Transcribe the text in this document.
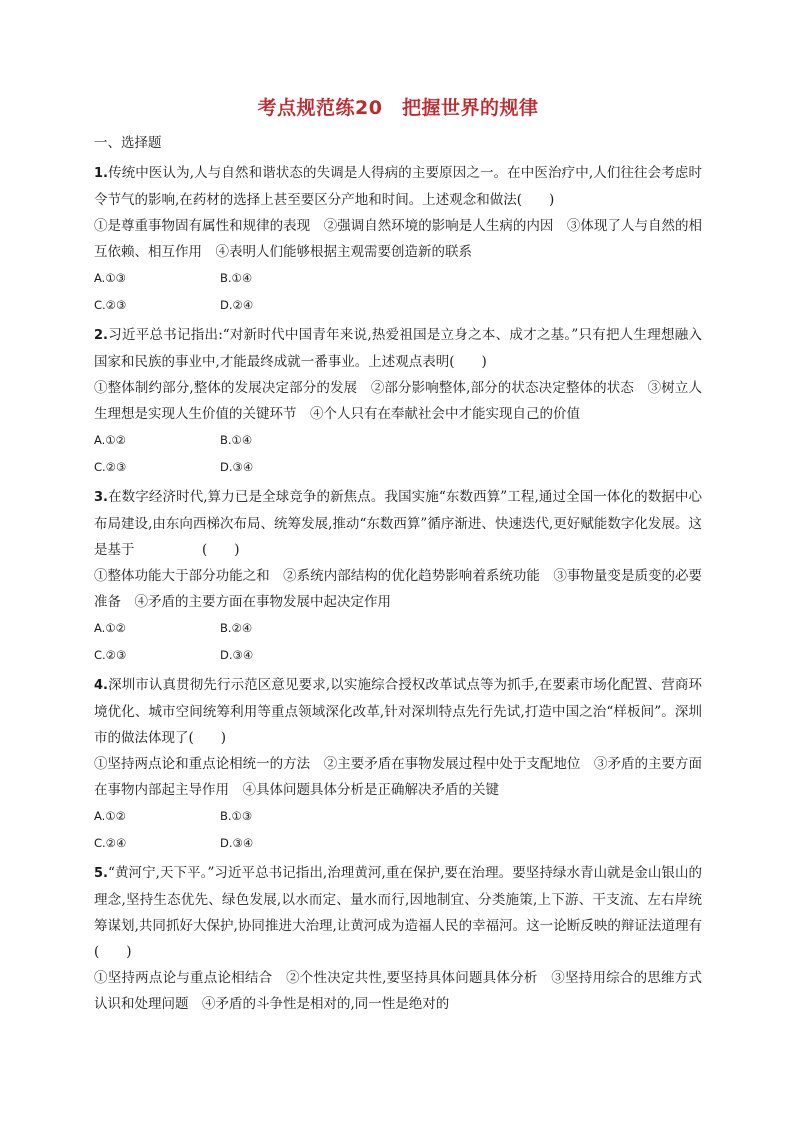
考点规范练20　把握世界的规律
一、选择题

1.传统中医认为,人与自然和谐状态的失调是人得病的主要原因之一。在中医治疗中,人们往往会考虑时令节气的影响,在药材的选择上甚至要区分产地和时间。上述观念和做法(　　)

①是尊重事物固有属性和规律的表现　②强调自然环境的影响是人生病的内因　③体现了人与自然的相互依赖、相互作用　④表明人们能够根据主观需要创造新的联系

A.①③	B.①④
C.②③	D.②④

2.习近平总书记指出:“对新时代中国青年来说,热爱祖国是立身之本、成才之基。”只有把人生理想融入国家和民族的事业中,才能最终成就一番事业。上述观点表明(　　)

①整体制约部分,整体的发展决定部分的发展　②部分影响整体,部分的状态决定整体的状态　③树立人生理想是实现人生价值的关键环节　④个人只有在奉献社会中才能实现自己的价值

A.①②	B.①④
C.②③	D.③④

3.在数字经济时代,算力已是全球竞争的新焦点。我国实施“东数西算”工程,通过全国一体化的数据中心布局建设,由东向西梯次布局、统筹发展,推动“东数西算”循序渐进、快速迭代,更好赋能数字化发展。这是基于　　　　　(　　)

①整体功能大于部分功能之和　②系统内部结构的优化趋势影响着系统功能　③事物量变是质变的必要准备　④矛盾的主要方面在事物发展中起决定作用

A.①②	B.②④
C.②③	D.③④

4.深圳市认真贯彻先行示范区意见要求,以实施综合授权改革试点等为抓手,在要素市场化配置、营商环境优化、城市空间统筹利用等重点领域深化改革,针对深圳特点先行先试,打造中国之治“样板间”。深圳市的做法体现了(　　)

①坚持两点论和重点论相统一的方法　②主要矛盾在事物发展过程中处于支配地位　③矛盾的主要方面在事物内部起主导作用　④具体问题具体分析是正确解决矛盾的关键

A.①②	B.①③
C.②④	D.③④

5.“黄河宁,天下平。”习近平总书记指出,治理黄河,重在保护,要在治理。要坚持绿水青山就是金山银山的理念,坚持生态优先、绿色发展,以水而定、量水而行,因地制宜、分类施策,上下游、干支流、左右岸统筹谋划,共同抓好大保护,协同推进大治理,让黄河成为造福人民的幸福河。这一论断反映的辩证法道理有(　　)

①坚持两点论与重点论相结合　②个性决定共性,要坚持具体问题具体分析　③坚持用综合的思维方式认识和处理问题　④矛盾的斗争性是相对的,同一性是绝对的
